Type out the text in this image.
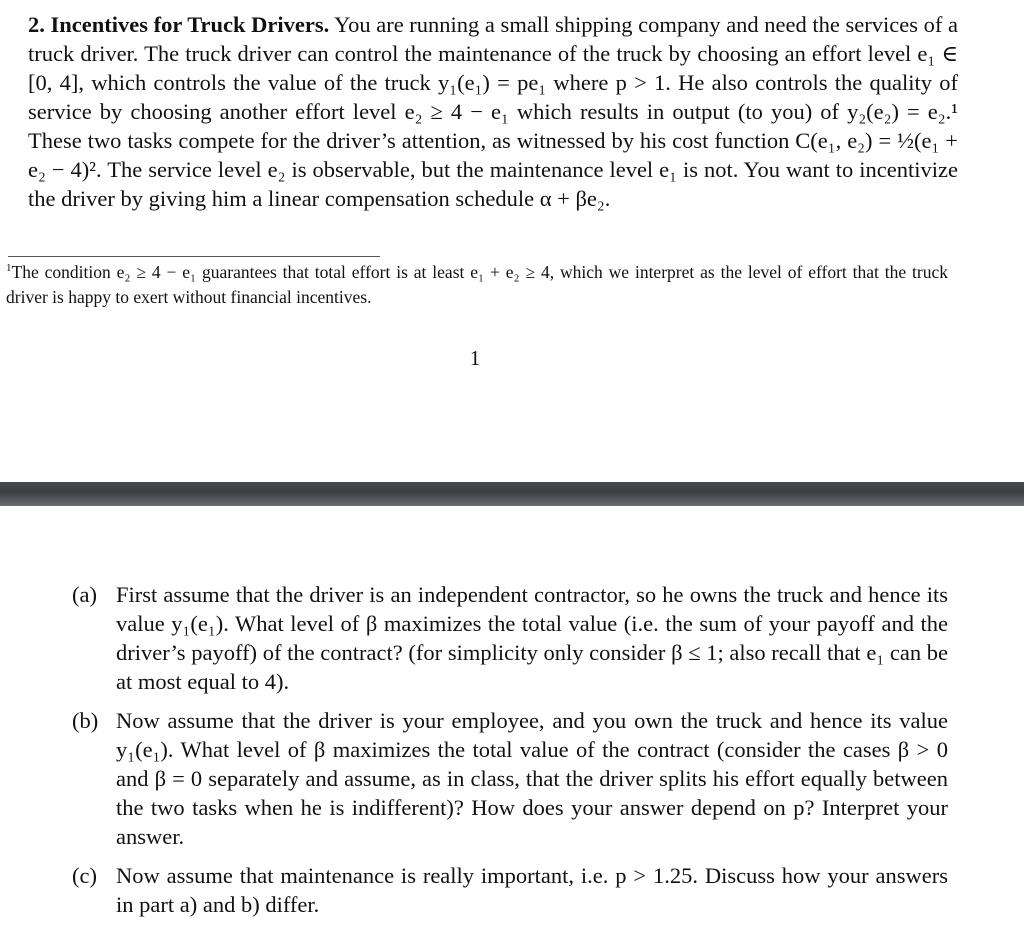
2. Incentives for Truck Drivers. You are running a small shipping company and need the services of a truck driver. The truck driver can control the maintenance of the truck by choosing an effort level e₁ ∈ [0, 4], which controls the value of the truck y₁(e₁) = pe₁ where p > 1. He also controls the quality of service by choosing another effort level e₂ ≥ 4 − e₁ which results in output (to you) of y₂(e₂) = e₂.¹ These two tasks compete for the driver’s attention, as witnessed by his cost function C(e₁, e₂) = ½(e₁ + e₂ − 4)². The service level e₂ is observable, but the maintenance level e₁ is not. You want to incentivize the driver by giving him a linear compensation schedule α + βe₂.
$^1$The condition e₂ ≥ 4 − e₁ guarantees that total effort is at least e₁ + e₂ ≥ 4, which we interpret as the level of effort that the truck driver is happy to exert without financial incentives.
1
(a) First assume that the driver is an independent contractor, so he owns the truck and hence its value y₁(e₁). What level of β maximizes the total value (i.e. the sum of your payoff and the driver’s payoff) of the contract? (for simplicity only consider β ≤ 1; also recall that e₁ can be at most equal to 4).
(b) Now assume that the driver is your employee, and you own the truck and hence its value y₁(e₁). What level of β maximizes the total value of the contract (consider the cases β > 0 and β = 0 separately and assume, as in class, that the driver splits his effort equally between the two tasks when he is indifferent)? How does your answer depend on p? Interpret your answer.
(c) Now assume that maintenance is really important, i.e. p > 1.25. Discuss how your answers in part a) and b) differ.
